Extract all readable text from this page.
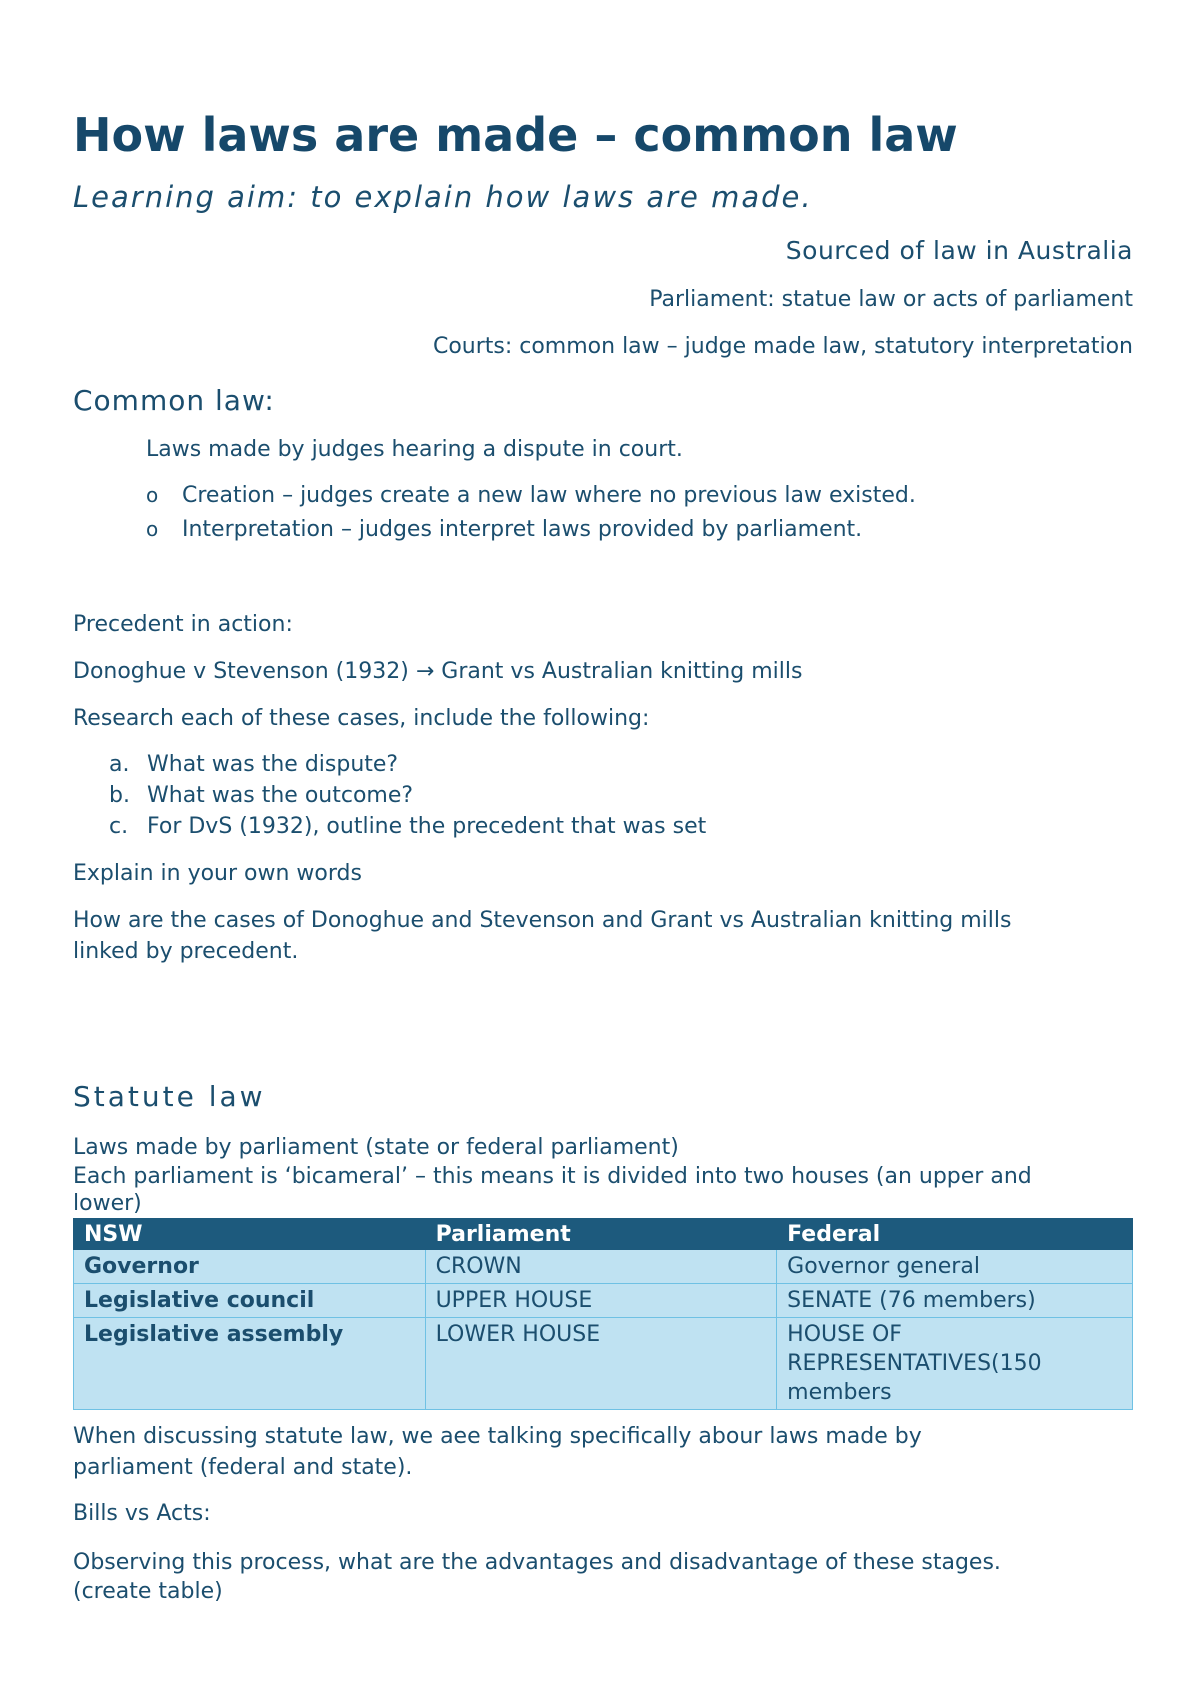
How laws are made – common law
Learning aim: to explain how laws are made.
Sourced of law in Australia
Parliament: statue law or acts of parliament
Courts: common law – judge made law, statutory interpretation
Common law:
Laws made by judges hearing a dispute in court.
o Creation – judges create a new law where no previous law existed.
o Interpretation – judges interpret laws provided by parliament.
Precedent in action:
Donoghue v Stevenson (1932) → Grant vs Australian knitting mills
Research each of these cases, include the following:
a. What was the dispute?
b. What was the outcome?
c. For DvS (1932), outline the precedent that was set
Explain in your own words
How are the cases of Donoghue and Stevenson and Grant vs Australian knitting mills
linked by precedent.
Statute law
Laws made by parliament (state or federal parliament)
Each parliament is ‘bicameral’ – this means it is divided into two houses (an upper and
lower)
NSW	Parliament	Federal
Governor	CROWN	Governor general
Legislative council	UPPER HOUSE	SENATE (76 members)
Legislative assembly	LOWER HOUSE	HOUSE OF REPRESENTATIVES(150 members
When discussing statute law, we aee talking specifically abour laws made by
parliament (federal and state).
Bills vs Acts:
Observing this process, what are the advantages and disadvantage of these stages.
(create table)
